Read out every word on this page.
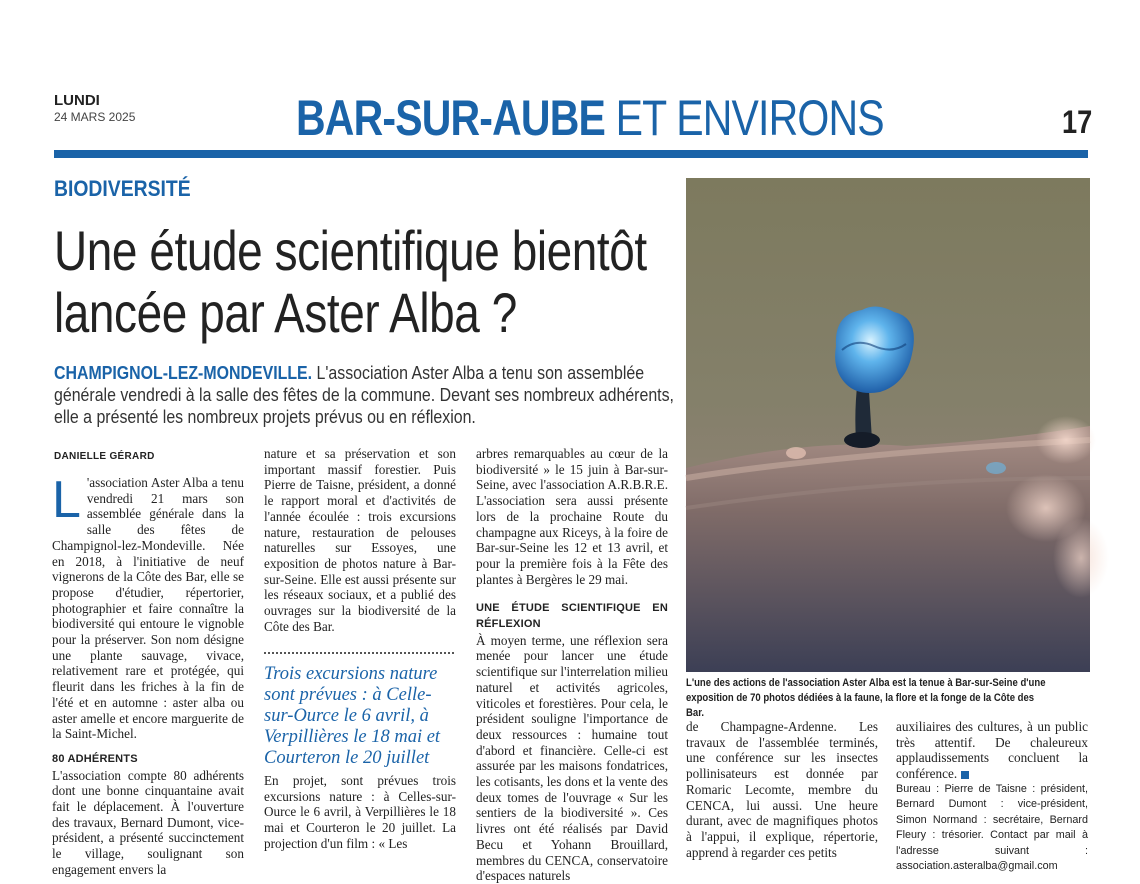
LUNDI
24 MARS 2025	BAR-SUR-AUBE ET ENVIRONS	17
BIODIVERSITÉ
Une étude scientifique bientôt
lancée par Aster Alba ?
CHAMPIGNOL-LEZ-MONDEVILLE. L'association Aster Alba a tenu son assemblée générale vendredi à la salle des fêtes de la commune. Devant ses nombreux adhérents, elle a présenté les nombreux projets prévus ou en réflexion.
DANIELLE GÉRARD
L 'association Aster Alba a tenu vendredi 21 mars son assemblée générale dans la salle des fêtes de Champignol-lez-Mondeville. Née en 2018, à l'initiative de neuf vignerons de la Côte des Bar, elle se propose d'étudier, répertorier, photographier et faire connaître la biodiversité qui entoure le vignoble pour la préserver. Son nom désigne une plante sauvage, vivace, relativement rare et protégée, qui fleurit dans les friches à la fin de l'été et en automne : aster alba ou aster amelle et encore marguerite de la Saint-Michel.
80 ADHÉRENTS
L'association compte 80 adhérents dont une bonne cinquantaine avait fait le déplacement. À l'ouverture des travaux, Bernard Dumont, vice-président, a présenté succinctement le village, soulignant son engagement envers la
nature et sa préservation et son important massif forestier. Puis Pierre de Taisne, président, a donné le rapport moral et d'activités de l'année écoulée : trois excursions nature, restauration de pelouses naturelles sur Essoyes, une exposition de photos nature à Bar-sur-Seine. Elle est aussi présente sur les réseaux sociaux, et a publié des ouvrages sur la biodiversité de la Côte des Bar.
Trois excursions nature sont prévues : à Celle-sur-Ource le 6 avril, à Verpillières le 18 mai et Courteron le 20 juillet
En projet, sont prévues trois excursions nature : à Celles-sur-Ource le 6 avril, à Verpillières le 18 mai et Courteron le 20 juillet. La projection d'un film : « Les
arbres remarquables au cœur de la biodiversité » le 15 juin à Bar-sur-Seine, avec l'association A.R.B.R.E. L'association sera aussi présente lors de la prochaine Route du champagne aux Riceys, à la foire de Bar-sur-Seine les 12 et 13 avril, et pour la première fois à la Fête des plantes à Bergères le 29 mai.
UNE ÉTUDE SCIENTIFIQUE EN RÉFLEXION
À moyen terme, une réflexion sera menée pour lancer une étude scientifique sur l'interrelation milieu naturel et activités agricoles, viticoles et forestières. Pour cela, le président souligne l'importance de deux ressources : humaine tout d'abord et financière. Celle-ci est assurée par les maisons fondatrices, les cotisants, les dons et la vente des deux tomes de l'ouvrage « Sur les sentiers de la biodiversité ». Ces livres ont été réalisés par David Becu et Yohann Brouillard, membres du CENCA, conservatoire d'espaces naturels
L'une des actions de l'association Aster Alba est la tenue à Bar-sur-Seine d'une exposition de 70 photos dédiées à la faune, la flore et la fonge de la Côte des Bar.
de Champagne-Ardenne. Les travaux de l'assemblée terminés, une conférence sur les insectes pollinisateurs est donnée par Romaric Lecomte, membre du CENCA, lui aussi. Une heure durant, avec de magnifiques photos à l'appui, il explique, répertorie, apprend à regarder ces petits
auxiliaires des cultures, à un public très attentif. De chaleureux applaudissements concluent la conférence.
Bureau : Pierre de Taisne : président, Bernard Dumont : vice-président, Simon Normand : secrétaire, Bernard Fleury : trésorier. Contact par mail à l'adresse suivant : association.asteralba@gmail.com
